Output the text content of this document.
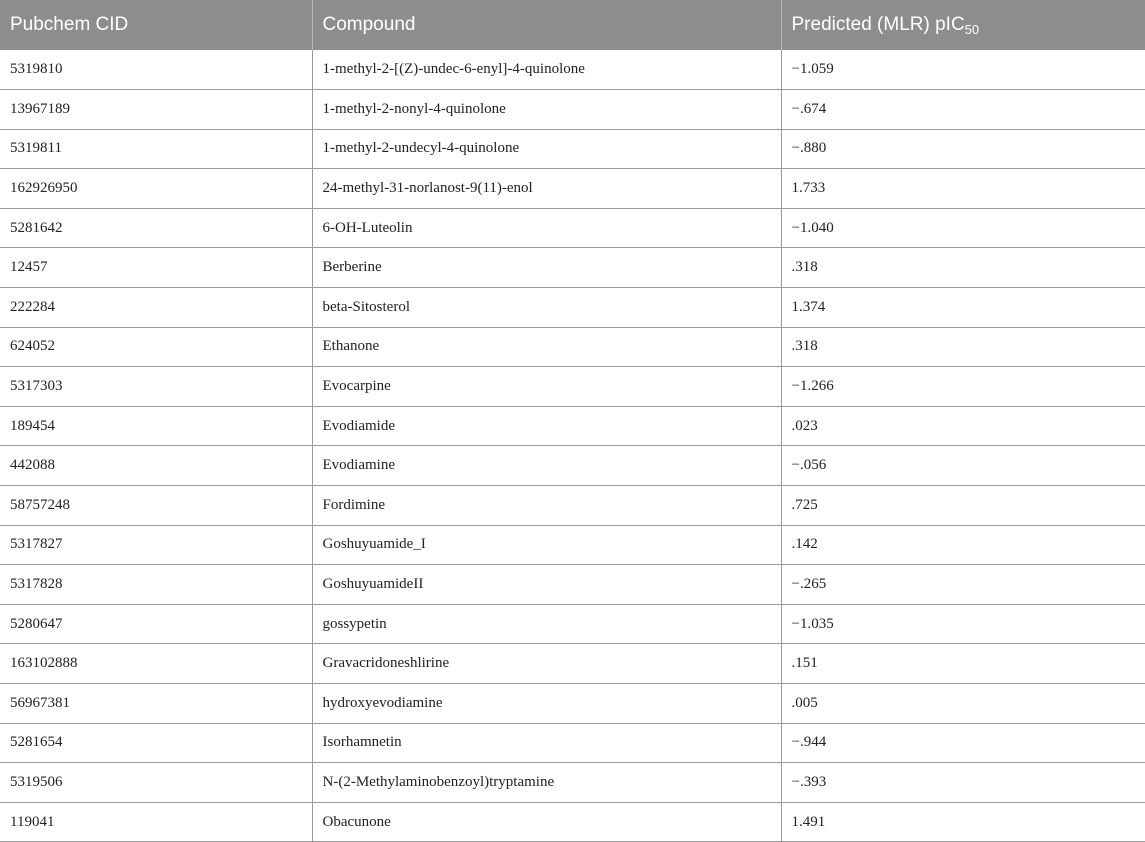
Pubchem CID	Compound	Predicted (MLR) pIC$_{50}$
5319810	1-methyl-2-[(Z)-undec-6-enyl]-4-quinolone	−1.059
13967189	1-methyl-2-nonyl-4-quinolone	−.674
5319811	1-methyl-2-undecyl-4-quinolone	−.880
162926950	24-methyl-31-norlanost-9(11)-enol	1.733
5281642	6-OH-Luteolin	−1.040
12457	Berberine	.318
222284	beta-Sitosterol	1.374
624052	Ethanone	.318
5317303	Evocarpine	−1.266
189454	Evodiamide	.023
442088	Evodiamine	−.056
58757248	Fordimine	.725
5317827	Goshuyuamide_I	.142
5317828	GoshuyuamideII	−.265
5280647	gossypetin	−1.035
163102888	Gravacridoneshlirine	.151
56967381	hydroxyevodiamine	.005
5281654	Isorhamnetin	−.944
5319506	N-(2-Methylaminobenzoyl)tryptamine	−.393
119041	Obacunone	1.491
